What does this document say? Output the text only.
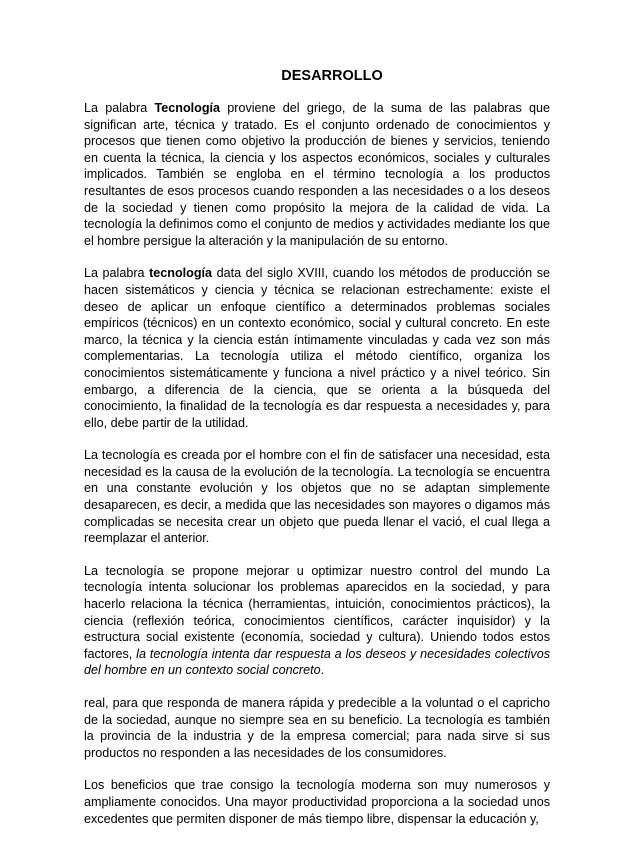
DESARROLLO

La palabra Tecnología proviene del griego, de la suma de las palabras que significan arte, técnica y tratado. Es el conjunto ordenado de conocimientos y procesos que tienen como objetivo la producción de bienes y servicios, teniendo en cuenta la técnica, la ciencia y los aspectos económicos, sociales y culturales implicados. También se engloba en el término tecnología a los productos resultantes de esos procesos cuando responden a las necesidades o a los deseos de la sociedad y tienen como propósito la mejora de la calidad de vida. La tecnología la definimos como el conjunto de medios y actividades mediante los que el hombre persigue la alteración y la manipulación de su entorno.

La palabra tecnología data del siglo XVIII, cuando los métodos de producción se hacen sistemáticos y ciencia y técnica se relacionan estrechamente: existe el deseo de aplicar un enfoque científico a determinados problemas sociales empíricos (técnicos) en un contexto económico, social y cultural concreto. En este marco, la técnica y la ciencia están íntimamente vinculadas y cada vez son más complementarias. La tecnología utiliza el método científico, organiza los conocimientos sistemáticamente y funciona a nivel práctico y a nivel teórico. Sin embargo, a diferencia de la ciencia, que se orienta a la búsqueda del conocimiento, la finalidad de la tecnología es dar respuesta a necesidades y, para ello, debe partir de la utilidad.

La tecnología es creada por el hombre con el fin de satisfacer una necesidad, esta necesidad es la causa de la evolución de la tecnología. La tecnología se encuentra en una constante evolución y los objetos que no se adaptan simplemente desaparecen, es decir, a medida que las necesidades son mayores o digamos más complicadas se necesita crear un objeto que pueda llenar el vació, el cual llega a reemplazar el anterior.

La tecnología se propone mejorar u optimizar nuestro control del mundo La tecnología intenta solucionar los problemas aparecidos en la sociedad, y para hacerlo relaciona la técnica (herramientas, intuición, conocimientos prácticos), la ciencia (reflexión teórica, conocimientos científicos, carácter inquisidor) y la estructura social existente (economía, sociedad y cultura). Uniendo todos estos factores, la tecnología intenta dar respuesta a los deseos y necesidades colectivos del hombre en un contexto social concreto.

real, para que responda de manera rápida y predecible a la voluntad o el capricho de la sociedad, aunque no siempre sea en su beneficio. La tecnología es también la provincia de la industria y de la empresa comercial; para nada sirve si sus productos no responden a las necesidades de los consumidores.

Los beneficios que trae consigo la tecnología moderna son muy numerosos y ampliamente conocidos. Una mayor productividad proporciona a la sociedad unos excedentes que permiten disponer de más tiempo libre, dispensar la educación y,
